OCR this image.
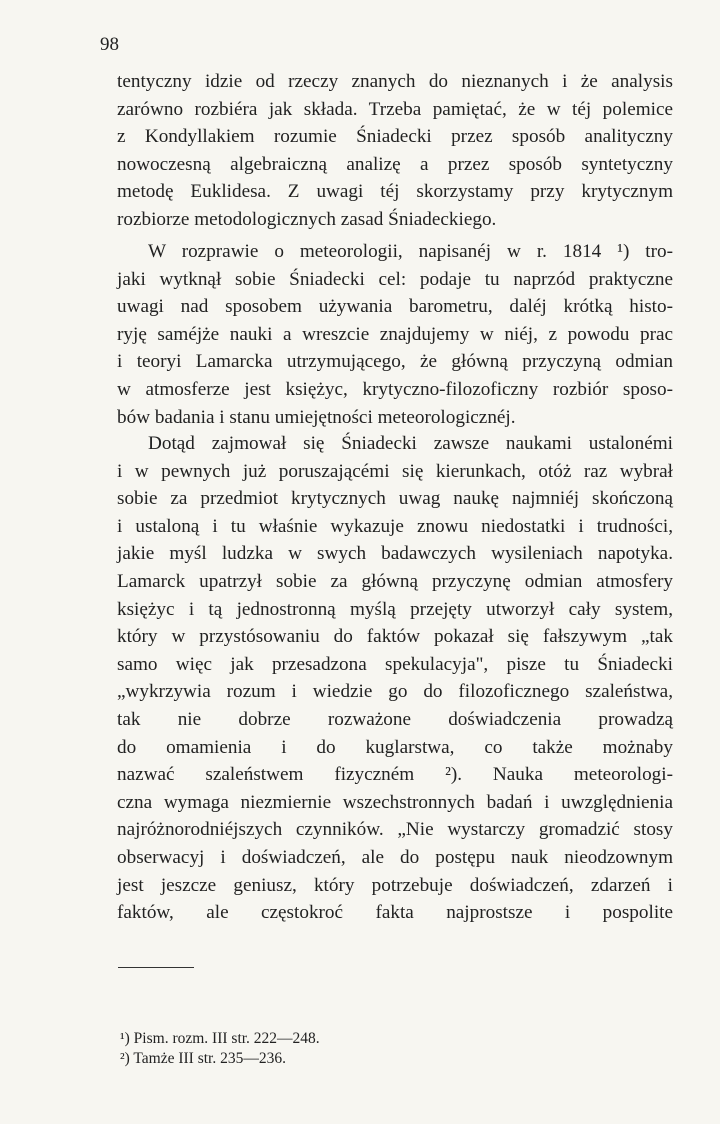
98
tentyczny idzie od rzeczy znanych do nieznanych i że analysis
zarówno rozbiéra jak składa. Trzeba pamiętać, że w téj polemice
z Kondyllakiem rozumie Śniadecki przez sposób analityczny
nowoczesną algebraiczną analizę a przez sposób syntetyczny
metodę Euklidesa. Z uwagi téj skorzystamy przy krytycznym
rozbiorze metodologicznych zasad Śniadeckiego.
W rozprawie o meteorologii, napisanéj w r. 1814 ¹) tro-
jaki wytknął sobie Śniadecki cel: podaje tu naprzód praktyczne
uwagi nad sposobem używania barometru, daléj krótką histo-
ryję saméjże nauki a wreszcie znajdujemy w niéj, z powodu prac
i teoryi Lamarcka utrzymującego, że główną przyczyną odmian
w atmosferze jest księżyc, krytyczno-filozoficzny rozbiór sposo-
bów badania i stanu umiejętności meteorologicznéj.
Dotąd zajmował się Śniadecki zawsze naukami ustalonémi
i w pewnych już poruszającémi się kierunkach, otóż raz wybrał
sobie za przedmiot krytycznych uwag naukę najmniéj skończoną
i ustaloną i tu właśnie wykazuje znowu niedostatki i trudności,
jakie myśl ludzka w swych badawczych wysileniach napotyka.
Lamarck upatrzył sobie za główną przyczynę odmian atmosfery
księżyc i tą jednostronną myślą przejęty utworzył cały system,
który w przystósowaniu do faktów pokazał się fałszywym „tak
samo więc jak przesadzona spekulacyja", pisze tu Śniadecki
„wykrzywia rozum i wiedzie go do filozoficznego szaleństwa,
tak nie dobrze rozważone doświadczenia prowadzą
do omamienia i do kuglarstwa, co także możnaby
nazwać szaleństwem fizyczném ²). Nauka meteorologi-
czna wymaga niezmiernie wszechstronnych badań i uwzględnienia
najróżnorodniéjszych czynników. „Nie wystarczy gromadzić stosy
obserwacyj i doświadczeń, ale do postępu nauk nieodzownym
jest jeszcze geniusz, który potrzebuje doświadczeń, zdarzeń i
faktów, ale częstokroć fakta najprostsze i pospolite
¹) Pism. rozm. III str. 222—248.
²) Tamże III str. 235—236.
